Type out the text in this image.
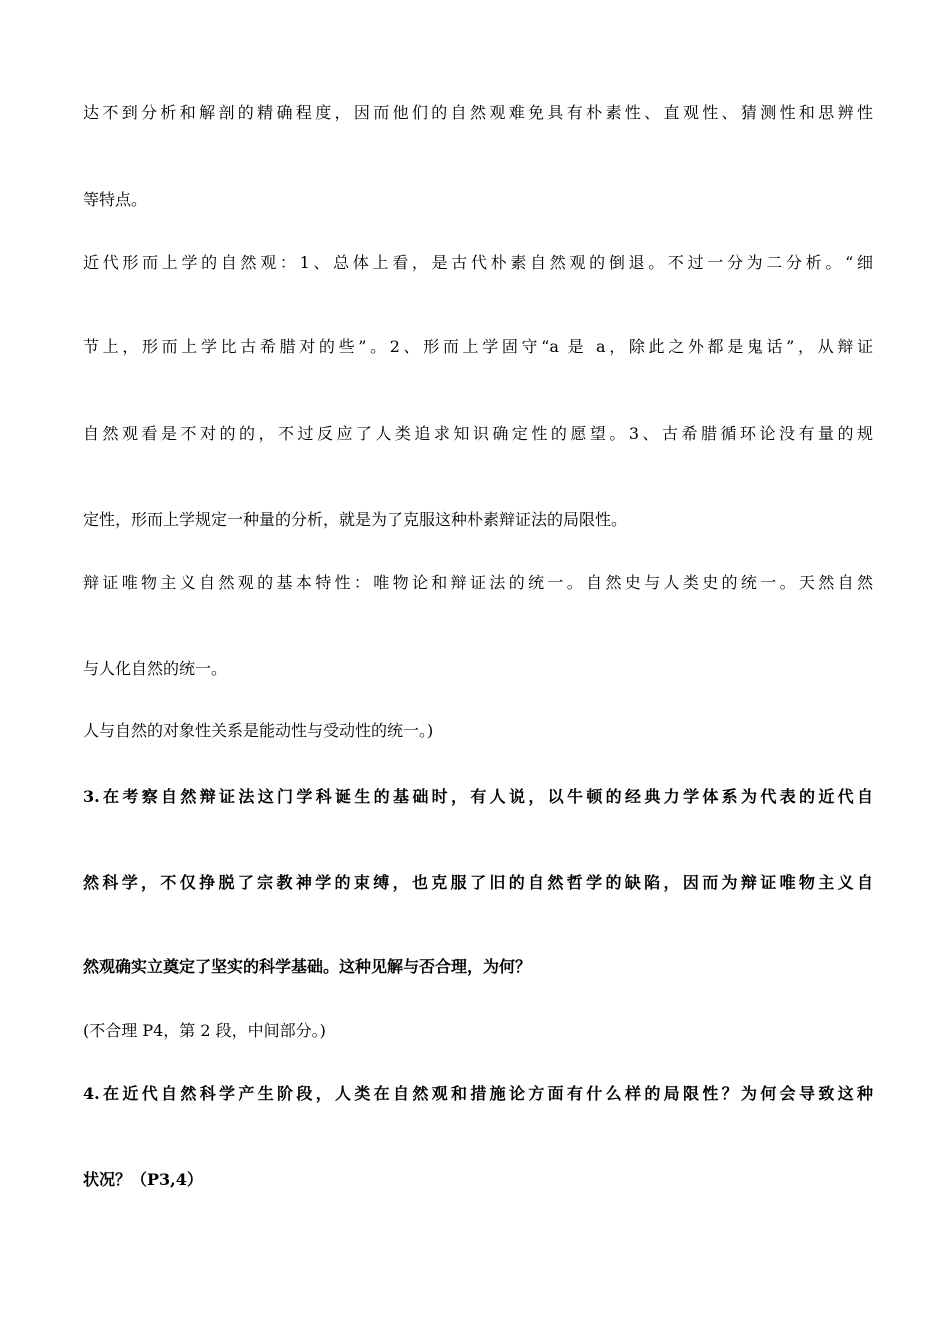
达不到分析和解剖的精确程度，因而他们的自然观难免具有朴素性、直观性、猜测性和思辨性
等特点。
近代形而上学的自然观：1、总体上看，是古代朴素自然观的倒退。不过一分为二分析。“细
节上，形而上学比古希腊对的些”。2、形而上学固守“a 是 a，除此之外都是鬼话”，从辩证
自然观看是不对的的，不过反应了人类追求知识确定性的愿望。3、古希腊循环论没有量的规
定性，形而上学规定一种量的分析，就是为了克服这种朴素辩证法的局限性。
辩证唯物主义自然观的基本特性：唯物论和辩证法的统一。自然史与人类史的统一。天然自然
与人化自然的统一。
人与自然的对象性关系是能动性与受动性的统一。)
3.在考察自然辩证法这门学科诞生的基础时，有人说，以牛顿的经典力学体系为代表的近代自
然科学，不仅挣脱了宗教神学的束缚，也克服了旧的自然哲学的缺陷，因而为辩证唯物主义自
然观确实立奠定了坚实的科学基础。这种见解与否合理，为何？
(不合理 P4，第 2 段，中间部分。)
4.在近代自然科学产生阶段，人类在自然观和措施论方面有什么样的局限性？为何会导致这种
状况？（P3,4）
